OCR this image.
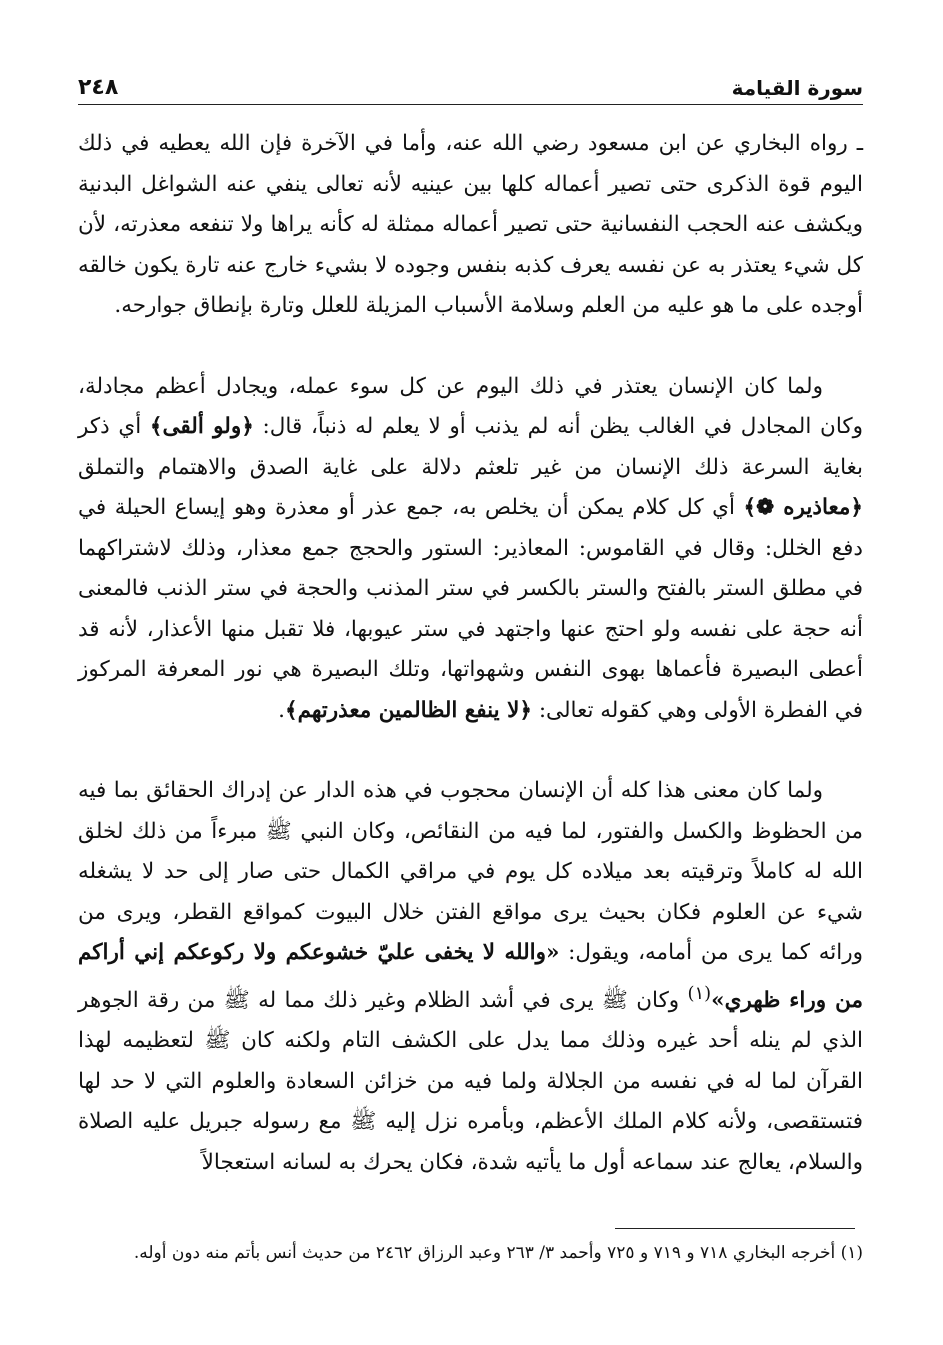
٢٤٨	سورة القيامة

ـ رواه البخاري عن ابن مسعود رضي الله عنه، وأما في الآخرة فإن الله يعطيه في ذلك اليوم قوة الذكرى حتى تصير أعماله كلها بين عينيه لأنه تعالى ينفي عنه الشواغل البدنية ويكشف عنه الحجب النفسانية حتى تصير أعماله ممثلة له كأنه يراها ولا تنفعه معذرته، لأن كل شيء يعتذر به عن نفسه يعرف كذبه بنفس وجوده لا بشيء خارج عنه تارة يكون خالقه أوجده على ما هو عليه من العلم وسلامة الأسباب المزيلة للعلل وتارة بإنطاق جوارحه.

ولما كان الإنسان يعتذر في ذلك اليوم عن كل سوء عمله، ويجادل أعظم مجادلة، وكان المجادل في الغالب يظن أنه لم يذنب أو لا يعلم له ذنباً، قال: ﴿ولو ألقى﴾ أي ذكر بغاية السرعة ذلك الإنسان من غير تلعثم دلالة على غاية الصدق والاهتمام والتملق ﴿معاذيره ❁﴾ أي كل كلام يمكن أن يخلص به، جمع عذر أو معذرة وهو إيساع الحيلة في دفع الخلل: وقال في القاموس: المعاذير: الستور والحجج جمع معذار، وذلك لاشتراكهما في مطلق الستر بالفتح والستر بالكسر في ستر المذنب والحجة في ستر الذنب فالمعنى أنه حجة على نفسه ولو احتج عنها واجتهد في ستر عيوبها، فلا تقبل منها الأعذار، لأنه قد أعطى البصيرة فأعماها بهوى النفس وشهواتها، وتلك البصيرة هي نور المعرفة المركوز في الفطرة الأولى وهي كقوله تعالى: ﴿لا ينفع الظالمين معذرتهم﴾.

ولما كان معنى هذا كله أن الإنسان محجوب في هذه الدار عن إدراك الحقائق بما فيه من الحظوظ والكسل والفتور، لما فيه من النقائص، وكان النبي ﷺ مبرءاً من ذلك لخلق الله له كاملاً وترقيته بعد ميلاده كل يوم في مراقي الكمال حتى صار إلى حد لا يشغله شيء عن العلوم فكان بحيث يرى مواقع الفتن خلال البيوت كمواقع القطر، ويرى من ورائه كما يرى من أمامه، ويقول: «والله لا يخفى عليّ خشوعكم ولا ركوعكم إني أراكم من وراء ظهري»$^{(١)}$ وكان ﷺ يرى في أشد الظلام وغير ذلك مما له ﷺ من رقة الجوهر الذي لم ينله أحد غيره وذلك مما يدل على الكشف التام ولكنه كان ﷺ لتعظيمه لهذا القرآن لما له في نفسه من الجلالة ولما فيه من خزائن السعادة والعلوم التي لا حد لها فتستقصى، ولأنه كلام الملك الأعظم، وبأمره نزل إليه ﷺ مع رسوله جبريل عليه الصلاة والسلام، يعالج عند سماعه أول ما يأتيه شدة، فكان يحرك به لسانه استعجالاً

(١) أخرجه البخاري ٧١٨ و ٧١٩ و ٧٢٥ وأحمد ٣/ ٢٦٣ وعبد الرزاق ٢٤٦٢ من حديث أنس بأتم منه دون أوله.
